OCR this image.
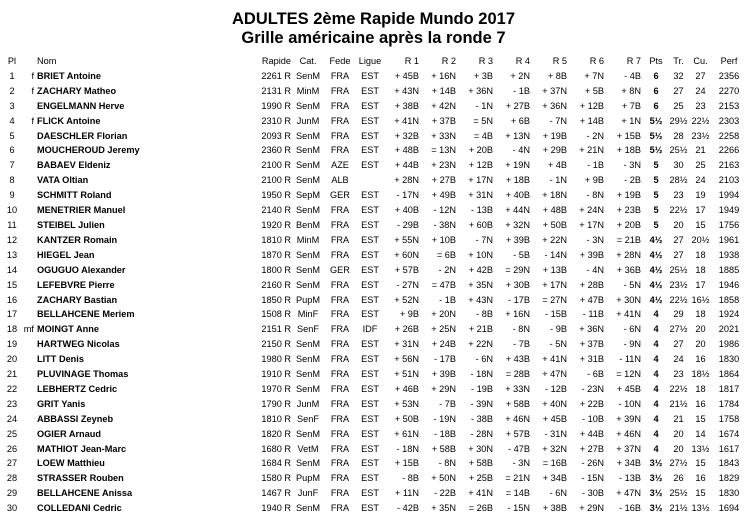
ADULTES 2ème Rapide Mundo 2017
Grille américaine après la ronde 7
Pl		Nom	Rapide	Cat.	Fede	Ligue	R 1	R 2	R 3	R 4	R 5	R 6	R 7	Pts	Tr.	Cu.	Perf
1	f	BRIET Antoine	2261 R	SenM	FRA	EST	+ 45B	+ 16N	+ 3B	+ 2N	+ 8B	+ 7N	- 4B	6	32	27	2356
2	f	ZACHARY Matheo	2131 R	MinM	FRA	EST	+ 43N	+ 14B	+ 36N	- 1B	+ 37N	+ 5B	+ 8N	6	27	24	2270
3		ENGELMANN Herve	1990 R	SenM	FRA	EST	+ 38B	+ 42N	- 1N	+ 27B	+ 36N	+ 12B	+ 7B	6	25	23	2153
4	f	FLICK Antoine	2310 R	JunM	FRA	EST	+ 41N	+ 37B	= 5N	+ 6B	- 7N	+ 14B	+ 1N	5½	29½	22½	2303
5		DAESCHLER Florian	2093 R	SenM	FRA	EST	+ 32B	+ 33N	= 4B	+ 13N	+ 19B	- 2N	+ 15B	5½	28	23½	2258
6		MOUCHEROUD Jeremy	2360 R	SenM	FRA	EST	+ 48B	= 13N	+ 20B	- 4N	+ 29B	+ 21N	+ 18B	5½	25½	21	2266
7		BABAEV Eldeniz	2100 R	SenM	AZE	EST	+ 44B	+ 23N	+ 12B	+ 19N	+ 4B	- 1B	- 3N	5	30	25	2163
8		VATA Oltian	2100 R	SenM	ALB		+ 28N	+ 27B	+ 17N	+ 18B	- 1N	+ 9B	- 2B	5	28½	24	2103
9		SCHMITT Roland	1950 R	SepM	GER	EST	- 17N	+ 49B	+ 31N	+ 40B	+ 18N	- 8N	+ 19B	5	23	19	1994
10		MENETRIER Manuel	2140 R	SenM	FRA	EST	+ 40B	- 12N	- 13B	+ 44N	+ 48B	+ 24N	+ 23B	5	22½	17	1949
11		STEIBEL Julien	1920 R	BenM	FRA	EST	- 29B	- 38N	+ 60B	+ 32N	+ 50B	+ 17N	+ 20B	5	20	15	1756
12		KANTZER Romain	1810 R	MinM	FRA	EST	+ 55N	+ 10B	- 7N	+ 39B	+ 22N	- 3N	= 21B	4½	27	20½	1961
13		HIEGEL Jean	1870 R	SenM	FRA	EST	+ 60N	= 6B	+ 10N	- 5B	- 14N	+ 39B	+ 28N	4½	27	18	1938
14		OGUGUO Alexander	1800 R	SenM	GER	EST	+ 57B	- 2N	+ 42B	= 29N	+ 13B	- 4N	+ 36B	4½	25½	18	1885
15		LEFEBVRE Pierre	2160 R	SenM	FRA	EST	- 27N	= 47B	+ 35N	+ 30B	+ 17N	+ 28B	- 5N	4½	23½	17	1946
16		ZACHARY Bastian	1850 R	PupM	FRA	EST	+ 52N	- 1B	+ 43N	- 17B	= 27N	+ 47B	+ 30N	4½	22½	16½	1858
17		BELLAHCENE Meriem	1508 R	MinF	FRA	EST	+ 9B	+ 20N	- 8B	+ 16N	- 15B	- 11B	+ 41N	4	29	18	1924
18	mf	MOINGT Anne	2151 R	SenF	FRA	IDF	+ 26B	+ 25N	+ 21B	- 8N	- 9B	+ 36N	- 6N	4	27½	20	2021
19		HARTWEG Nicolas	2150 R	SenM	FRA	EST	+ 31N	+ 24B	+ 22N	- 7B	- 5N	+ 37B	- 9N	4	27	20	1986
20		LITT Denis	1980 R	SenM	FRA	EST	+ 56N	- 17B	- 6N	+ 43B	+ 41N	+ 31B	- 11N	4	24	16	1830
21		PLUVINAGE Thomas	1910 R	SenM	FRA	EST	+ 51N	+ 39B	- 18N	= 28B	+ 47N	- 6B	= 12N	4	23	18½	1864
22		LEBHERTZ Cedric	1970 R	SenM	FRA	EST	+ 46B	+ 29N	- 19B	+ 33N	- 12B	- 23N	+ 45B	4	22½	18	1817
23		GRIT Yanis	1790 R	JunM	FRA	EST	+ 53N	- 7B	- 39N	+ 58B	+ 40N	+ 22B	- 10N	4	21½	16	1784
24		ABBASSI Zeyneb	1810 R	SenF	FRA	EST	+ 50B	- 19N	- 38B	+ 46N	+ 45B	- 10B	+ 39N	4	21	15	1758
25		OGIER Arnaud	1820 R	SenM	FRA	EST	+ 61N	- 18B	- 28N	+ 57B	- 31N	+ 44B	+ 46N	4	20	14	1674
26		MATHIOT Jean-Marc	1680 R	VetM	FRA	EST	- 18N	+ 58B	+ 30N	- 47B	+ 32N	+ 27B	+ 37N	4	20	13½	1617
27		LOEW Matthieu	1684 R	SenM	FRA	EST	+ 15B	- 8N	+ 58B	- 3N	= 16B	- 26N	+ 34B	3½	27½	15	1843
28		STRASSER Rouben	1580 R	PupM	FRA	EST	- 8B	+ 50N	+ 25B	= 21N	+ 34B	- 15N	- 13B	3½	26	16	1829
29		BELLAHCENE Anissa	1467 R	JunF	FRA	EST	+ 11N	- 22B	+ 41N	= 14B	- 6N	- 30B	+ 47N	3½	25½	15	1830
30		COLLEDANI Cedric	1940 R	SenM	FRA	EST	- 42B	+ 35N	= 26B	- 15N	+ 38B	+ 29N	- 16B	3½	21½	13½	1694
